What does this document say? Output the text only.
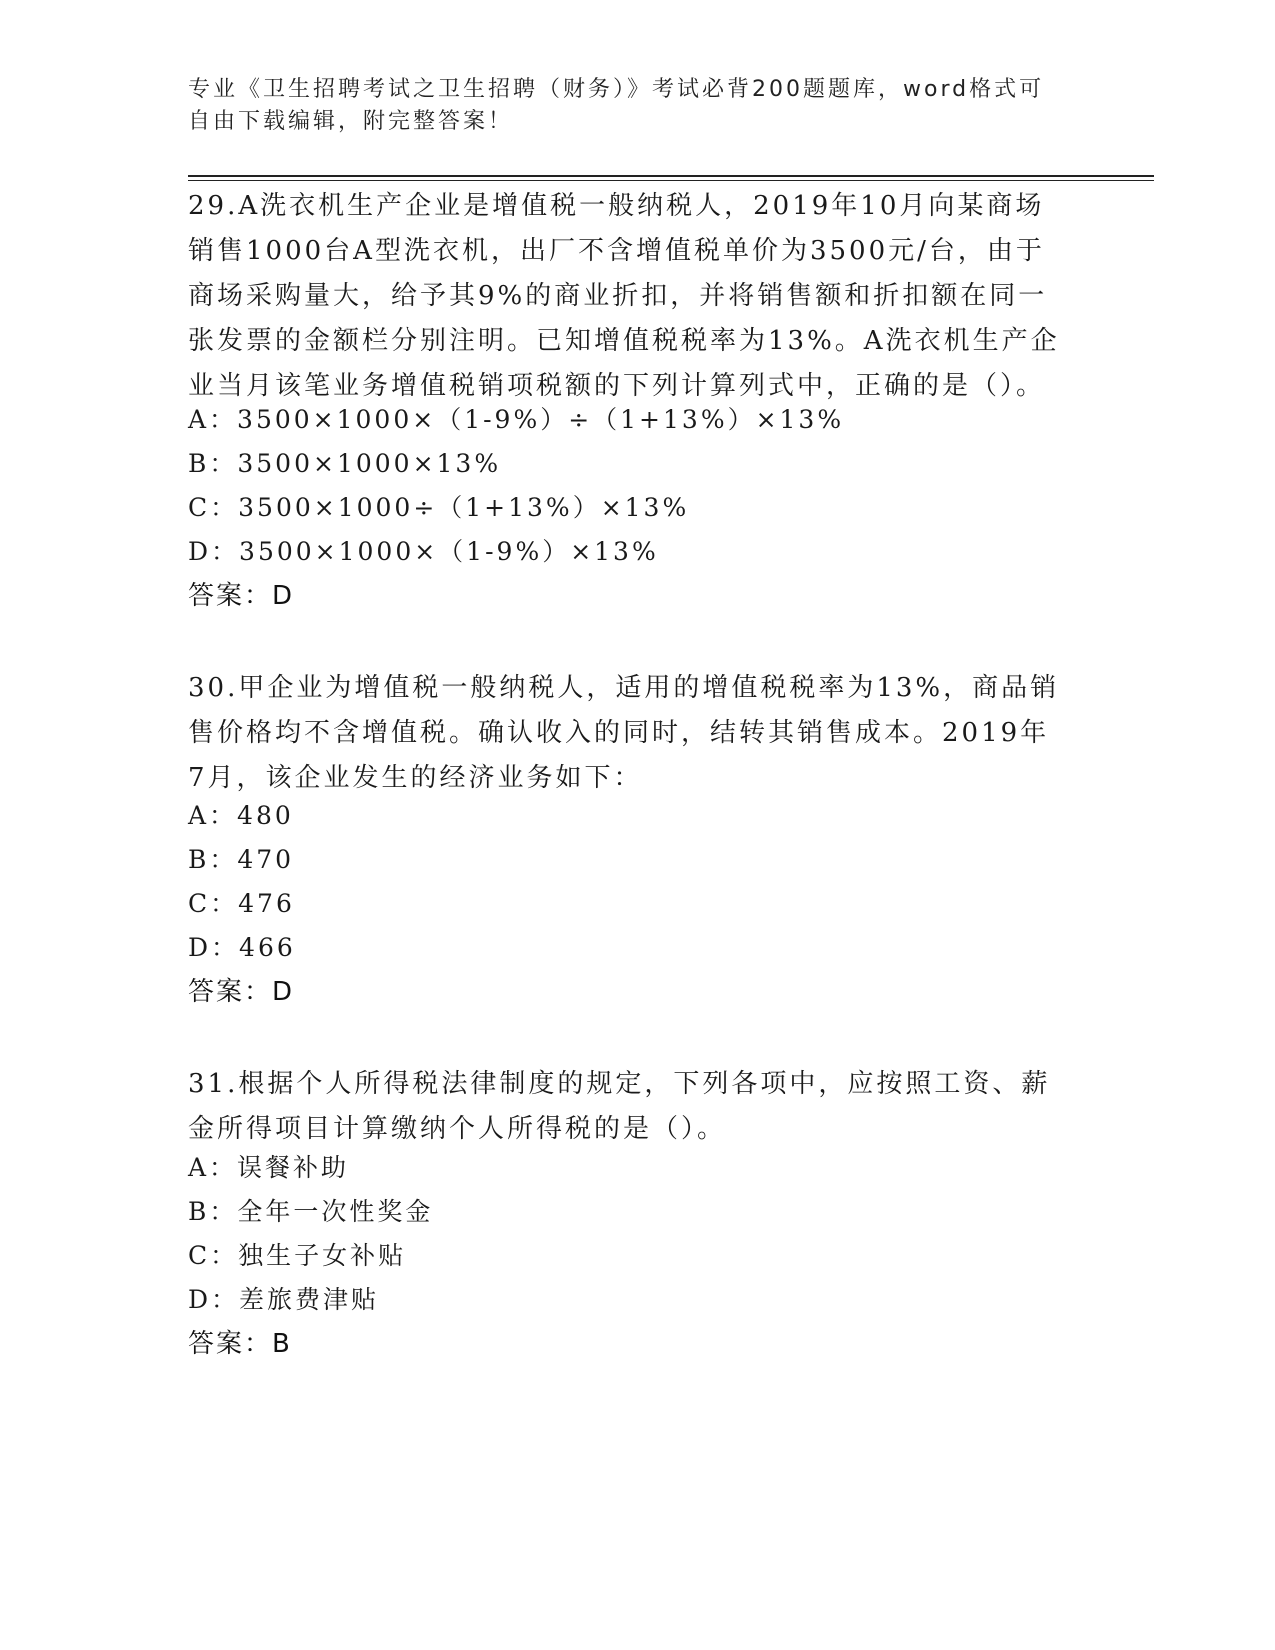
专业《卫生招聘考试之卫生招聘（财务）》考试必背200题题库，word格式可自由下载编辑，附完整答案！

29.A洗衣机生产企业是增值税一般纳税人，2019年10月向某商场销售1000台A型洗衣机，出厂不含增值税单价为3500元/台，由于商场采购量大，给予其9%的商业折扣，并将销售额和折扣额在同一张发票的金额栏分别注明。已知增值税税率为13%。A洗衣机生产企业当月该笔业务增值税销项税额的下列计算列式中，正确的是（）。

A：3500×1000×（1-9%）÷（1+13%）×13%
B：3500×1000×13%
C：3500×1000÷（1+13%）×13%
D：3500×1000×（1-9%）×13%
答案：D

30.甲企业为增值税一般纳税人，适用的增值税税率为13%，商品销售价格均不含增值税。确认收入的同时，结转其销售成本。2019年7月，该企业发生的经济业务如下：

A：480
B：470
C：476
D：466
答案：D

31.根据个人所得税法律制度的规定，下列各项中，应按照工资、薪金所得项目计算缴纳个人所得税的是（）。

A：误餐补助
B：全年一次性奖金
C：独生子女补贴
D：差旅费津贴
答案：B
